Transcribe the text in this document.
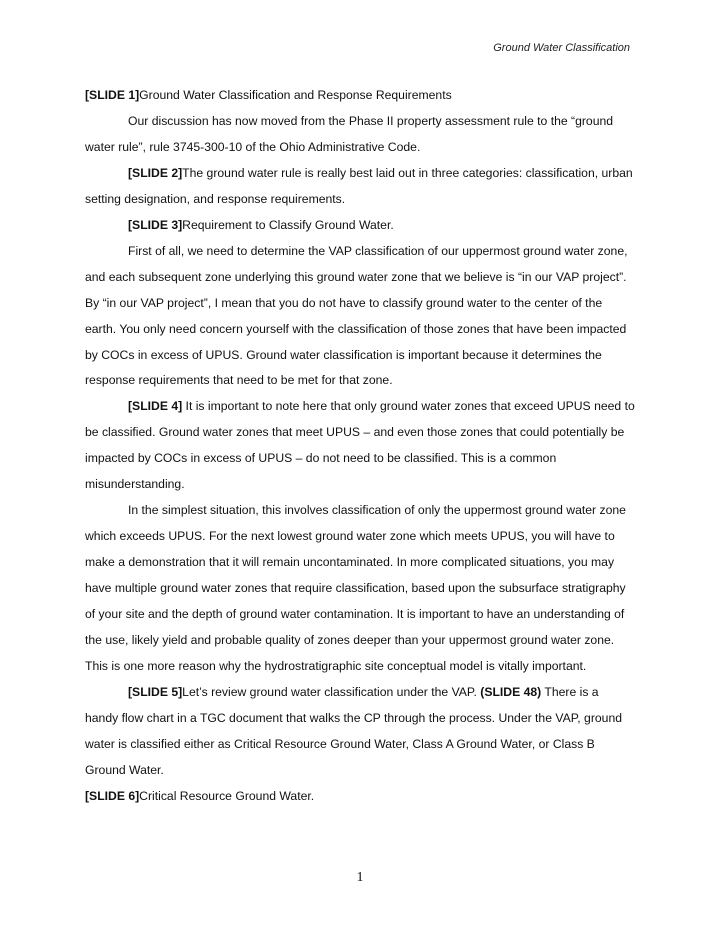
Ground Water Classification

[SLIDE 1]Ground Water Classification and Response Requirements

Our discussion has now moved from the Phase II property assessment rule to the “ground water rule”, rule 3745-300-10 of the Ohio Administrative Code.

[SLIDE 2]The ground water rule is really best laid out in three categories: classification, urban setting designation, and response requirements.

[SLIDE 3]Requirement to Classify Ground Water.

First of all, we need to determine the VAP classification of our uppermost ground water zone, and each subsequent zone underlying this ground water zone that we believe is “in our VAP project”. By “in our VAP project”, I mean that you do not have to classify ground water to the center of the earth. You only need concern yourself with the classification of those zones that have been impacted by COCs in excess of UPUS. Ground water classification is important because it determines the response requirements that need to be met for that zone.

[SLIDE 4] It is important to note here that only ground water zones that exceed UPUS need to be classified. Ground water zones that meet UPUS – and even those zones that could potentially be impacted by COCs in excess of UPUS – do not need to be classified. This is a common misunderstanding.

In the simplest situation, this involves classification of only the uppermost ground water zone which exceeds UPUS. For the next lowest ground water zone which meets UPUS, you will have to make a demonstration that it will remain uncontaminated. In more complicated situations, you may have multiple ground water zones that require classification, based upon the subsurface stratigraphy of your site and the depth of ground water contamination. It is important to have an understanding of the use, likely yield and probable quality of zones deeper than your uppermost ground water zone. This is one more reason why the hydrostratigraphic site conceptual model is vitally important.

[SLIDE 5]Let’s review ground water classification under the VAP. (SLIDE 48) There is a handy flow chart in a TGC document that walks the CP through the process. Under the VAP, ground water is classified either as Critical Resource Ground Water, Class A Ground Water, or Class B Ground Water.

[SLIDE 6]Critical Resource Ground Water.

1
